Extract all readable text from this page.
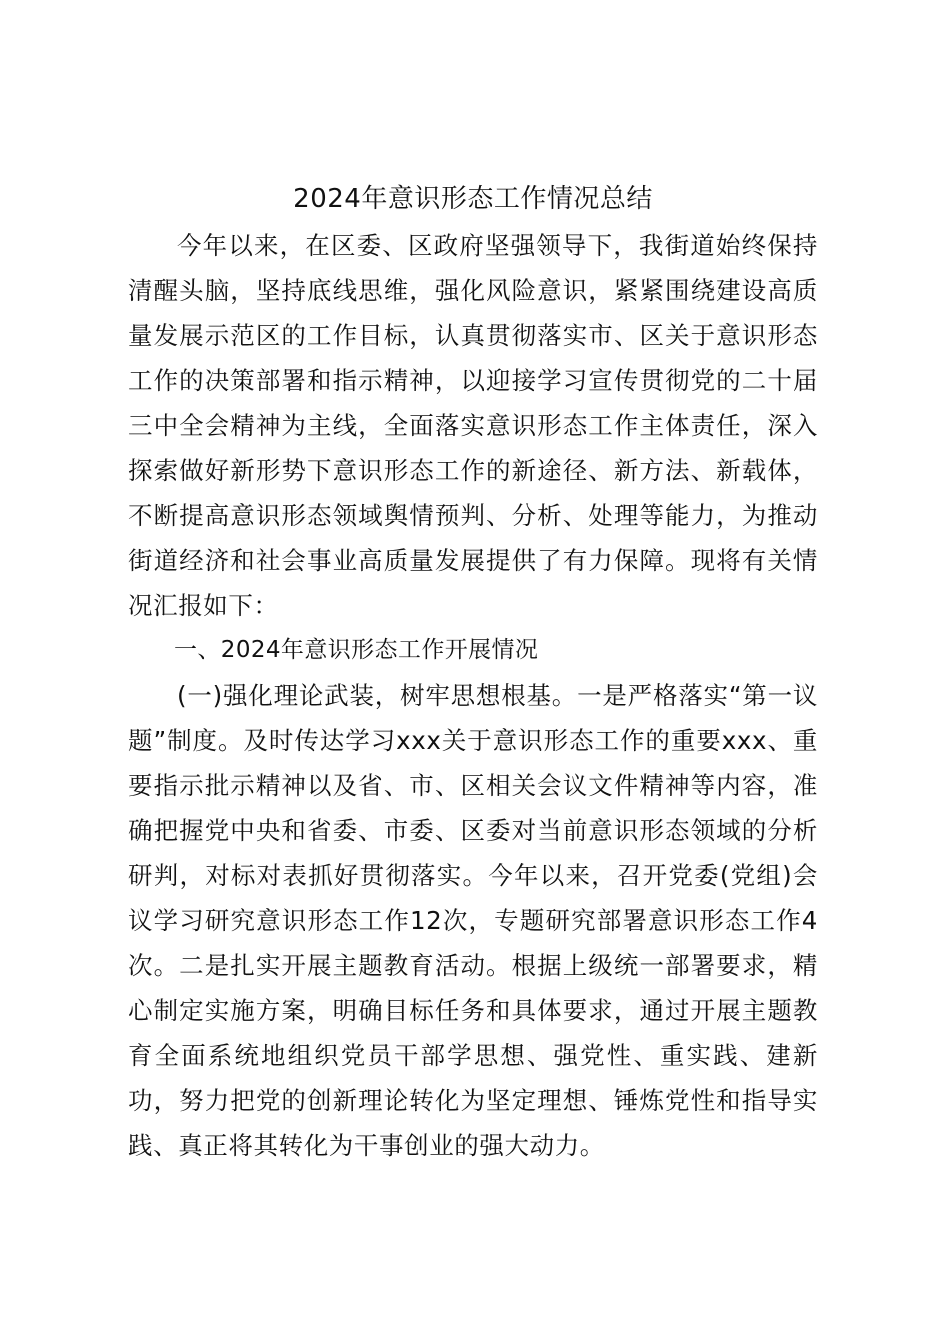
2024年意识形态工作情况总结

今年以来，在区委、区政府坚强领导下，我街道始终保持清醒头脑，坚持底线思维，强化风险意识，紧紧围绕建设高质量发展示范区的工作目标，认真贯彻落实市、区关于意识形态工作的决策部署和指示精神，以迎接学习宣传贯彻党的二十届三中全会精神为主线，全面落实意识形态工作主体责任，深入探索做好新形势下意识形态工作的新途径、新方法、新载体，不断提高意识形态领域舆情预判、分析、处理等能力，为推动街道经济和社会事业高质量发展提供了有力保障。现将有关情况汇报如下：

一、2024年意识形态工作开展情况

(一)强化理论武装，树牢思想根基。一是严格落实“第一议题”制度。及时传达学习xxx关于意识形态工作的重要xxx、重要指示批示精神以及省、市、区相关会议文件精神等内容，准确把握党中央和省委、市委、区委对当前意识形态领域的分析研判，对标对表抓好贯彻落实。今年以来，召开党委(党组)会议学习研究意识形态工作12次，专题研究部署意识形态工作4次。二是扎实开展主题教育活动。根据上级统一部署要求，精心制定实施方案，明确目标任务和具体要求，通过开展主题教育全面系统地组织党员干部学思想、强党性、重实践、建新功，努力把党的创新理论转化为坚定理想、锤炼党性和指导实践、真正将其转化为干事创业的强大动力。
